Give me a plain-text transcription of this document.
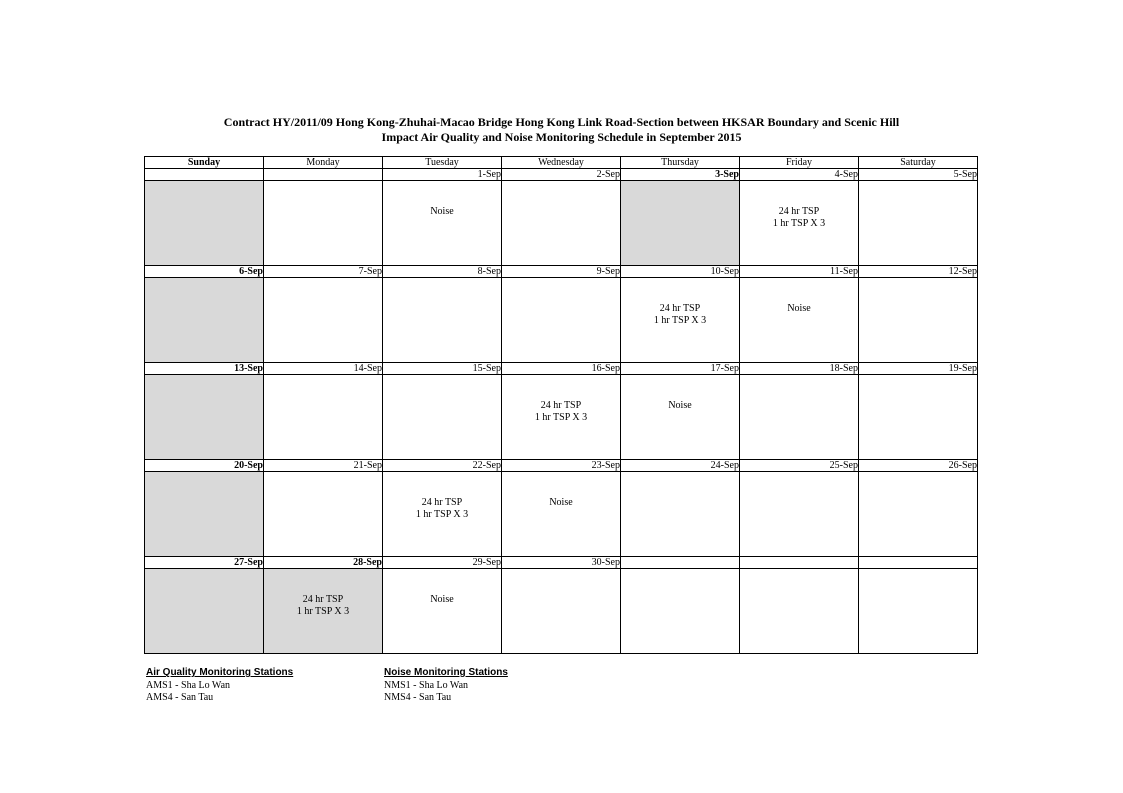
Contract HY/2011/09 Hong Kong-Zhuhai-Macao Bridge Hong Kong Link Road-Section between HKSAR Boundary and Scenic Hill
Impact Air Quality and Noise Monitoring Schedule in September 2015
Sunday	Monday	Tuesday	Wednesday	Thursday	Friday	Saturday
		1-Sep	2-Sep	3-Sep	4-Sep	5-Sep

		Noise			24 hr TSP
1 hr TSP X 3	

6-Sep	7-Sep	8-Sep	9-Sep	10-Sep	11-Sep	12-Sep

				24 hr TSP
1 hr TSP X 3	Noise	

13-Sep	14-Sep	15-Sep	16-Sep	17-Sep	18-Sep	19-Sep

			24 hr TSP
1 hr TSP X 3	Noise		

20-Sep	21-Sep	22-Sep	23-Sep	24-Sep	25-Sep	26-Sep

		24 hr TSP
1 hr TSP X 3	Noise			

27-Sep	28-Sep	29-Sep	30-Sep			

	24 hr TSP
1 hr TSP X 3	Noise				

Air Quality Monitoring Stations
AMS1 - Sha Lo Wan
AMS4 - San Tau
Noise Monitoring Stations
NMS1 - Sha Lo Wan
NMS4 - San Tau
